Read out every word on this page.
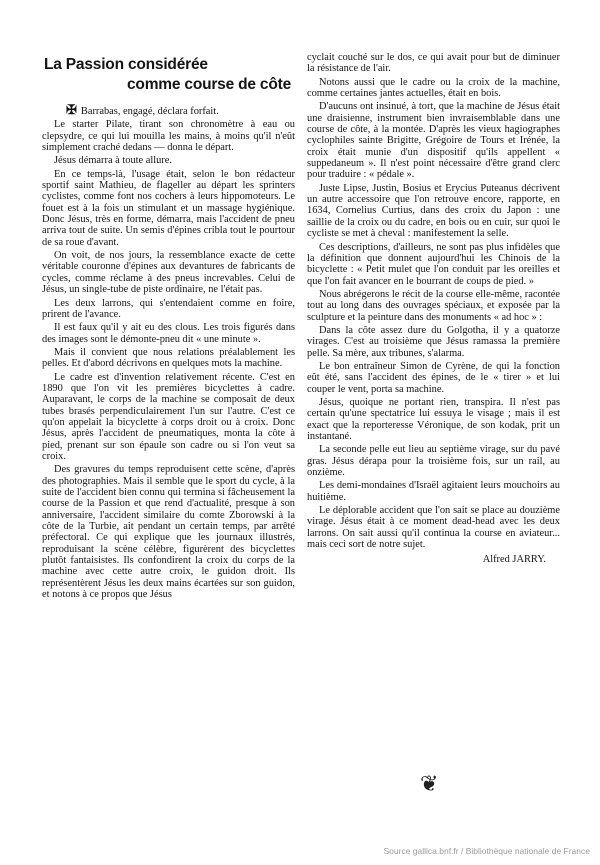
La Passion considérée
comme course de côte

✠ Barrabas, engagé, déclara forfait.

Le starter Pilate, tirant son chronomètre à eau ou clepsydre, ce qui lui mouilla les mains, à moins qu'il n'eût simplement craché dedans — donna le départ.

Jésus démarra à toute allure.

En ce temps-là, l'usage était, selon le bon rédacteur sportif saint Mathieu, de flageller au départ les sprinters cyclistes, comme font nos cochers à leurs hippomoteurs. Le fouet est à la fois un stimulant et un massage hygiénique. Donc Jésus, très en forme, démarra, mais l'accident de pneu arriva tout de suite. Un semis d'épines cribla tout le pourtour de sa roue d'avant.

On voit, de nos jours, la ressemblance exacte de cette véritable couronne d'épines aux devantures de fabricants de cycles, comme réclame à des pneus increvables. Celui de Jésus, un single-tube de piste ordinaire, ne l'était pas.

Les deux larrons, qui s'entendaient comme en foire, prirent de l'avance.

Il est faux qu'il y ait eu des clous. Les trois figurés dans des images sont le démonte-pneu dit « une minute ».

Mais il convient que nous relations préalablement les pelles. Et d'abord décrivons en quelques mots la machine.

Le cadre est d'invention relativement récente. C'est en 1890 que l'on vit les premières bicyclettes à cadre. Auparavant, le corps de la machine se composait de deux tubes brasés perpendiculairement l'un sur l'autre. C'est ce qu'on appelait la bicyclette à corps droit ou à croix. Donc Jésus, après l'accident de pneumatiques, monta la côte à pied, prenant sur son épaule son cadre ou si l'on veut sa croix.

Des gravures du temps reproduisent cette scène, d'après des photographies. Mais il semble que le sport du cycle, à la suite de l'accident bien connu qui termina si fâcheusement la course de la Passion et que rend d'actualité, presque à son anniversaire, l'accident similaire du comte Zborowski à la côte de la Turbie, ait pendant un certain temps, par arrêté préfectoral. Ce qui explique que les journaux illustrés, reproduisant la scène célèbre, figurèrent des bicyclettes plutôt fantaisistes. Ils confondirent la croix du corps de la machine avec cette autre croix, le guidon droit. Ils représentèrent Jésus les deux mains écartées sur son guidon, et notons à ce propos que Jésus

cyclait couché sur le dos, ce qui avait pour but de diminuer la résistance de l'air.

Notons aussi que le cadre ou la croix de la machine, comme certaines jantes actuelles, était en bois.

D'aucuns ont insinué, à tort, que la machine de Jésus était une draisienne, instrument bien invraisemblable dans une course de côte, à la montée. D'après les vieux hagiographes cyclophiles sainte Brigitte, Grégoire de Tours et Irénée, la croix était munie d'un dispositif qu'ils appellent « suppedaneum ». Il n'est point nécessaire d'être grand clerc pour traduire : « pédale ».

Juste Lipse, Justin, Bosius et Erycius Puteanus décrivent un autre accessoire que l'on retrouve encore, rapporte, en 1634, Cornelius Curtius, dans des croix du Japon : une saillie de la croix ou du cadre, en bois ou en cuir, sur quoi le cycliste se met à cheval : manifestement la selle.

Ces descriptions, d'ailleurs, ne sont pas plus infidèles que la définition que donnent aujourd'hui les Chinois de la bicyclette : « Petit mulet que l'on conduit par les oreilles et que l'on fait avancer en le bourrant de coups de pied. »

Nous abrégerons le récit de la course elle-même, racontée tout au long dans des ouvrages spéciaux, et exposée par la sculpture et la peinture dans des monuments « ad hoc » :

Dans la côte assez dure du Golgotha, il y a quatorze virages. C'est au troisième que Jésus ramassa la première pelle. Sa mère, aux tribunes, s'alarma.

Le bon entraîneur Simon de Cyrène, de qui la fonction eût été, sans l'accident des épines, de le « tirer » et lui couper le vent, porta sa machine.

Jésus, quoique ne portant rien, transpira. Il n'est pas certain qu'une spectatrice lui essuya le visage ; mais il est exact que la reporteresse Véronique, de son kodak, prit un instantané.

La seconde pelle eut lieu au septième virage, sur du pavé gras. Jésus dérapa pour la troisième fois, sur un rail, au onzième.

Les demi-mondaines d'Israël agitaient leurs mouchoirs au huitième.

Le déplorable accident que l'on sait se place au douzième virage. Jésus était à ce moment dead-head avec les deux larrons. On sait aussi qu'il continua la course en aviateur... mais ceci sort de notre sujet.

Alfred JARRY.

❦
Source gallica.bnf.fr / Bibliothèque nationale de France
